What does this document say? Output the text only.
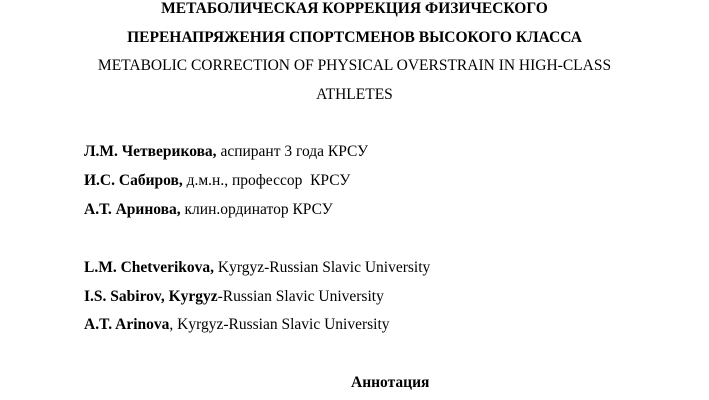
МЕТАБОЛИЧЕСКАЯ КОРРЕКЦИЯ ФИЗИЧЕСКОГО
ПЕРЕНАПРЯЖЕНИЯ СПОРТСМЕНОВ ВЫСОКОГО КЛАССА
METABOLIC CORRECTION OF PHYSICAL OVERSTRAIN IN HIGH-CLASS
ATHLETES
Л.М. Четверикова, аспирант 3 года КРСУ
И.С. Сабиров, д.м.н., профессор  КРСУ
А.Т. Аринова, клин.ординатор КРСУ
L.M. Chetverikova, Kyrgyz-Russian Slavic University
I.S. Sabirov, Kyrgyz-Russian Slavic University
A.T. Arinova, Kyrgyz-Russian Slavic University
Аннотация
